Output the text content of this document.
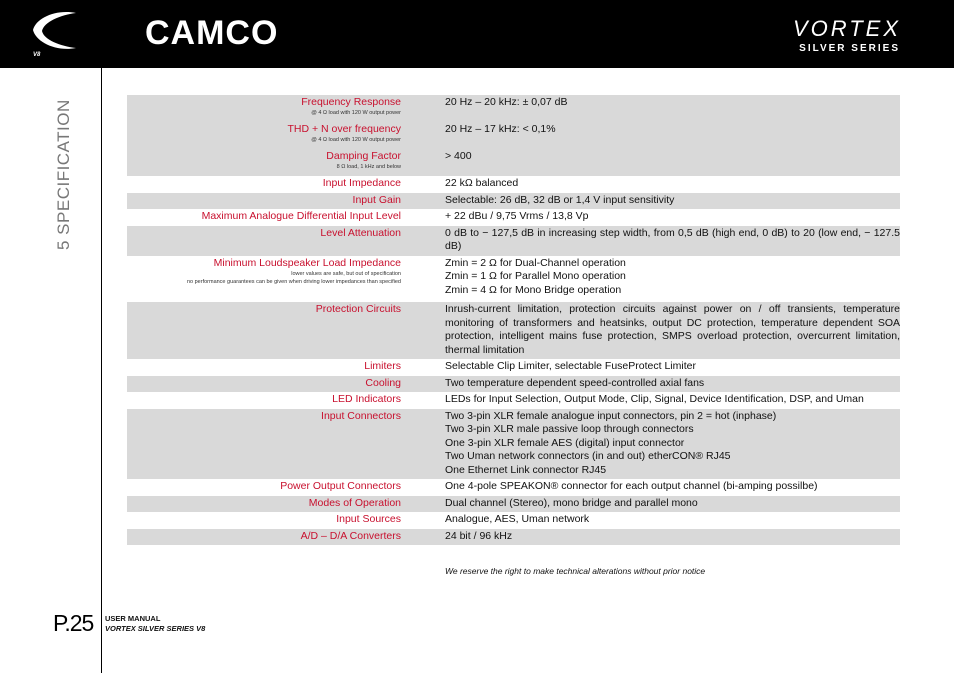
V8
CAMCO	VORTEX
SILVER SERIES
5 SPECIFICATION
P.25 USER MANUAL
VORTEX SILVER SERIES V8
Frequency Response
@ 4 Ω load with 120 W output power		20 Hz – 20 kHz: ± 0,07 dB

THD + N over frequency
@ 4 Ω load with 120 W output power		20 Hz – 17 kHz: < 0,1%

Damping Factor
8 Ω load, 1 kHz and below		> 400

Input Impedance		22 kΩ balanced

Input Gain		Selectable: 26 dB, 32 dB or 1,4 V input sensitivity

Maximum Analogue Differential Input Level		+ 22 dBu / 9,75 Vrms / 13,8 Vp

Level Attenuation		0 dB to − 127,5 dB in increasing step width, from 0,5 dB (high end, 0 dB) to 20 (low end, − 127.5 dB)

Minimum Loudspeaker Load Impedance
lower values are safe, but out of specification
no performance guarantees can be given when driving lower impedances than specified		Zmin = 2 Ω for Dual-Channel operation
Zmin = 1 Ω for Parallel Mono operation
Zmin = 4 Ω for Mono Bridge operation

Protection Circuits		Inrush-current limitation, protection circuits against power on / off transients, temperature monitoring of transformers and heatsinks, output DC protection, temperature dependent SOA protection, intelligent mains fuse protection, SMPS overload protection, overcurrent limitation, thermal limitation

Limiters		Selectable Clip Limiter, selectable FuseProtect Limiter

Cooling		Two temperature dependent speed-controlled axial fans

LED Indicators		LEDs for Input Selection, Output Mode, Clip, Signal, Device Identification, DSP, and Uman

Input Connectors		Two 3-pin XLR female analogue input connectors, pin 2 = hot (inphase)
Two 3-pin XLR male passive loop through connectors
One 3-pin XLR female AES (digital) input connector
Two Uman network connectors (in and out) etherCON® RJ45
One Ethernet Link connector RJ45

Power Output Connectors		One 4-pole SPEAKON® connector for each output channel (bi-amping possilbe)

Modes of Operation		Dual channel (Stereo), mono bridge and parallel mono

Input Sources		Analogue, AES, Uman network

A/D – D/A Converters		24 bit / 96 kHz
We reserve the right to make technical alterations without prior notice
